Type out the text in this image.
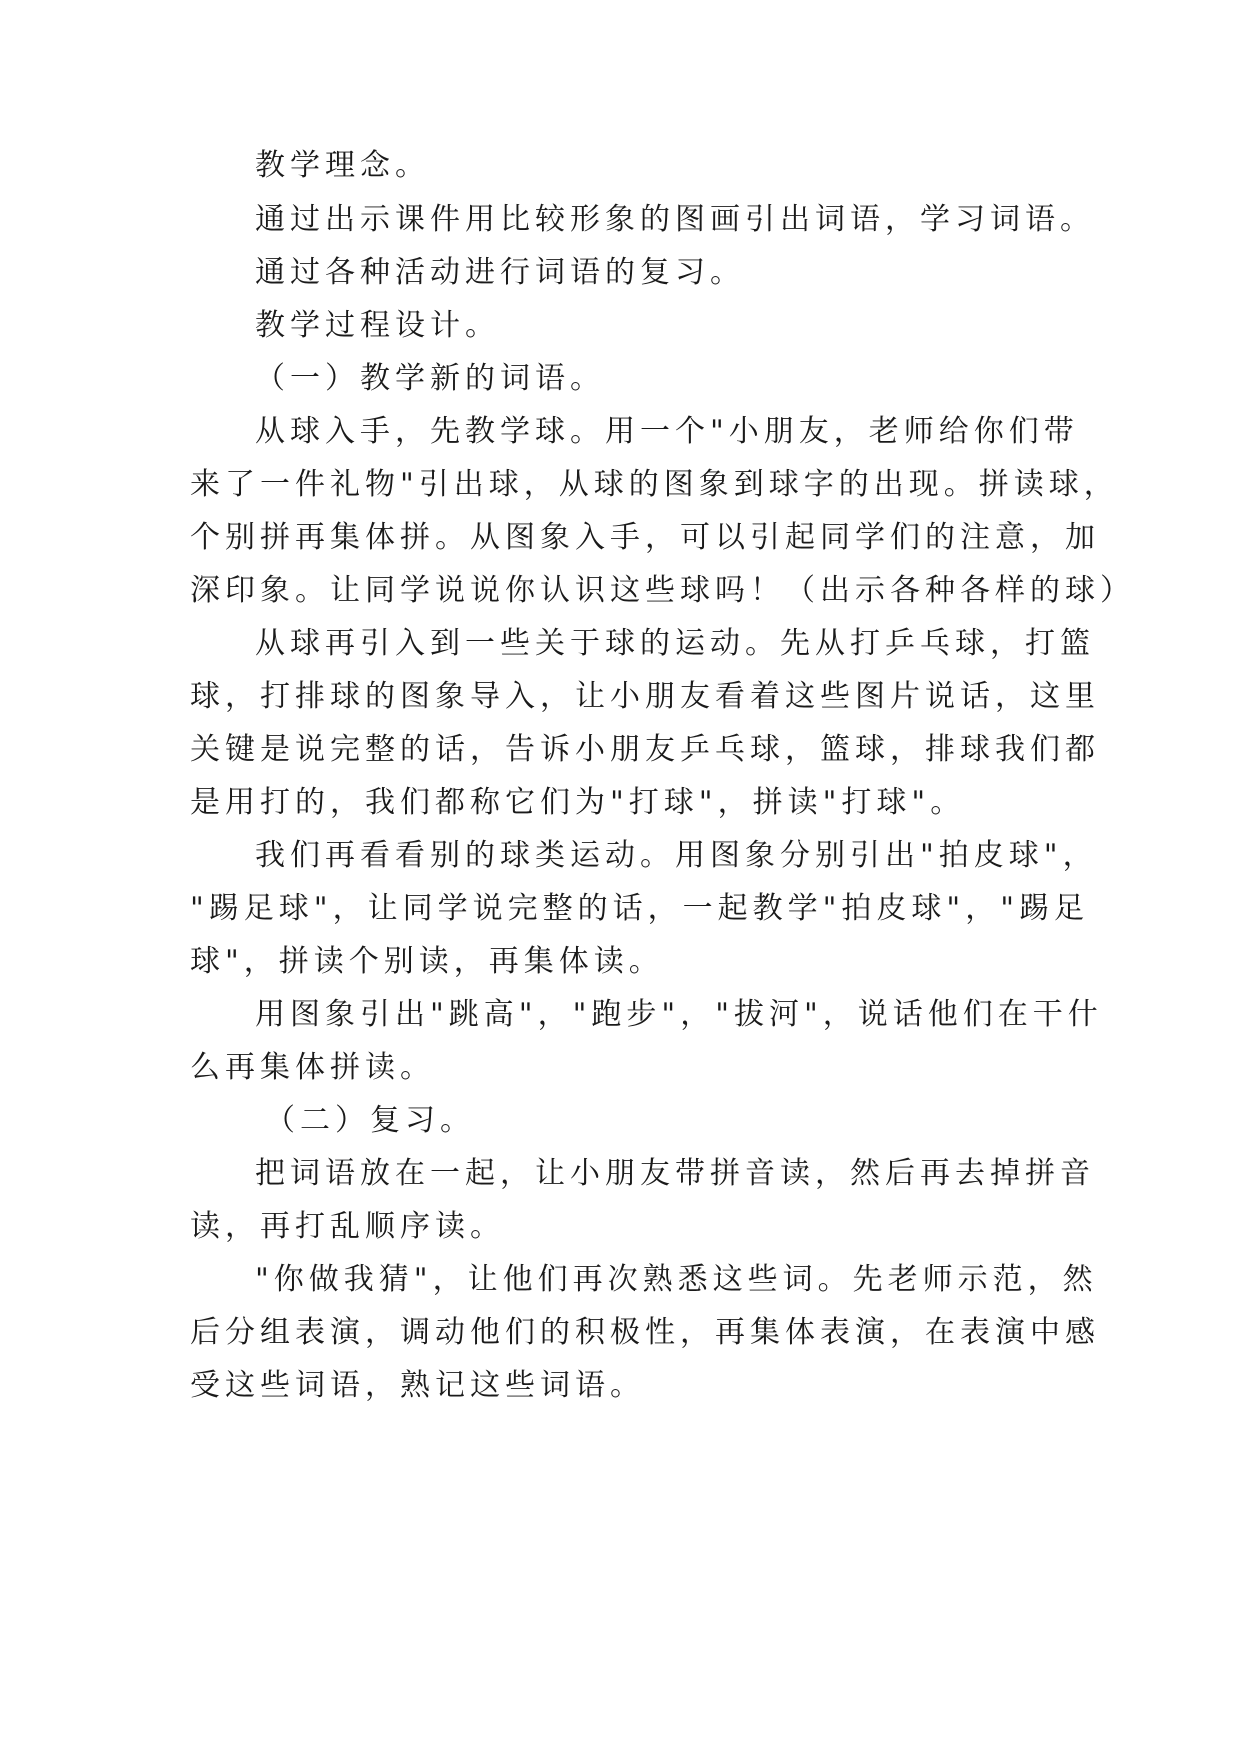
教学理念。
通过出示课件用比较形象的图画引出词语，学习词语。
通过各种活动进行词语的复习。
教学过程设计。
（一）教学新的词语。
从球入手，先教学球。用一个"小朋友，老师给你们带
来了一件礼物"引出球，从球的图象到球字的出现。拼读球，
个别拼再集体拼。从图象入手，可以引起同学们的注意，加
深印象。让同学说说你认识这些球吗！（出示各种各样的球）
从球再引入到一些关于球的运动。先从打乒乓球，打篮
球，打排球的图象导入，让小朋友看着这些图片说话，这里
关键是说完整的话，告诉小朋友乒乓球，篮球，排球我们都
是用打的，我们都称它们为"打球"，拼读"打球"。
我们再看看别的球类运动。用图象分别引出"拍皮球"，
"踢足球"，让同学说完整的话，一起教学"拍皮球"，"踢足
球"，拼读个别读，再集体读。
用图象引出"跳高"，"跑步"，"拔河"，说话他们在干什
么再集体拼读。
（二）复习。
把词语放在一起，让小朋友带拼音读，然后再去掉拼音
读，再打乱顺序读。
"你做我猜"，让他们再次熟悉这些词。先老师示范，然
后分组表演，调动他们的积极性，再集体表演，在表演中感
受这些词语，熟记这些词语。
